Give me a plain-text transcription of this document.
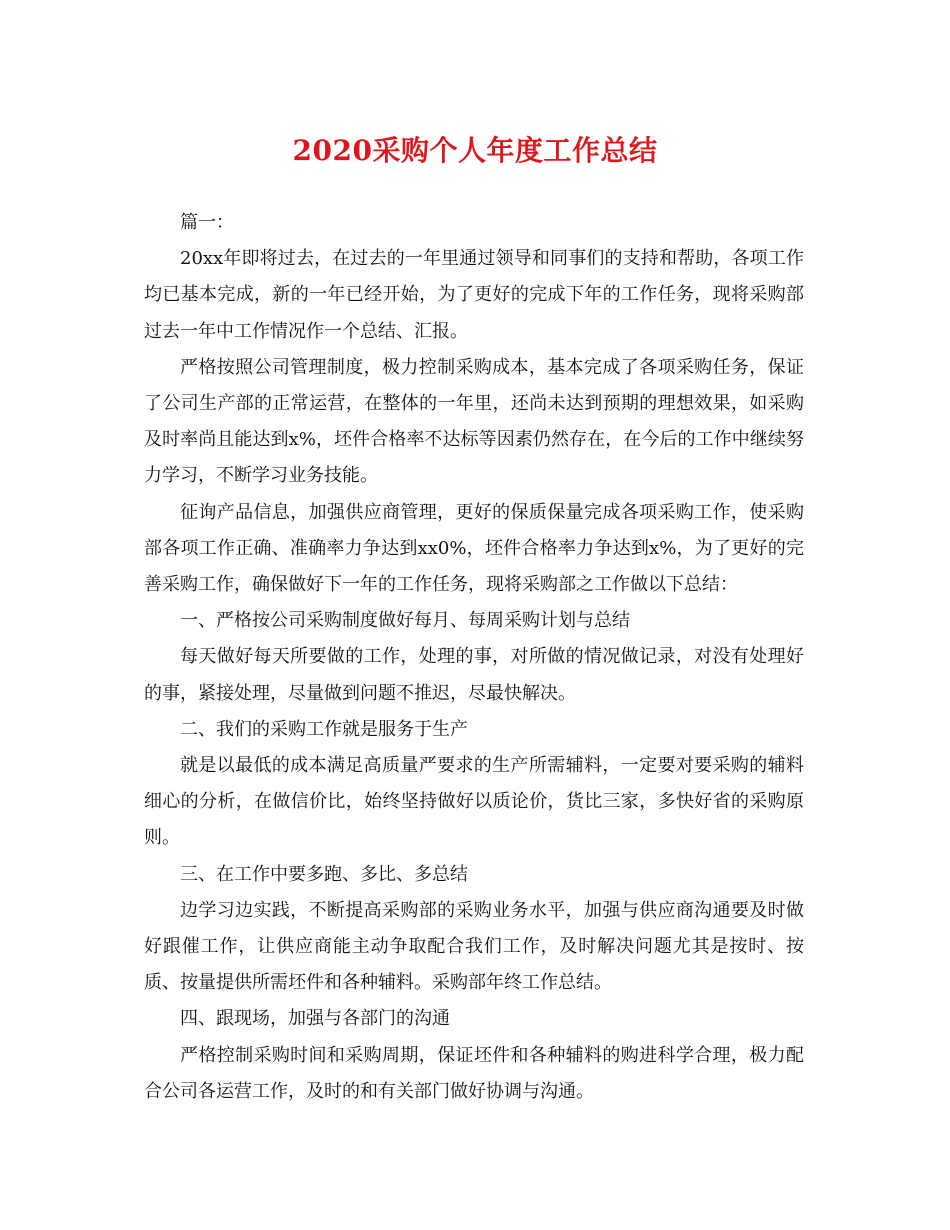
2020采购个人年度工作总结

篇一：

20xx年即将过去，在过去的一年里通过领导和同事们的支持和帮助，各项工作均已基本完成，新的一年已经开始，为了更好的完成下年的工作任务，现将采购部过去一年中工作情况作一个总结、汇报。

严格按照公司管理制度，极力控制采购成本，基本完成了各项采购任务，保证了公司生产部的正常运营，在整体的一年里，还尚未达到预期的理想效果，如采购及时率尚且能达到x%，坯件合格率不达标等因素仍然存在，在今后的工作中继续努力学习，不断学习业务技能。

征询产品信息，加强供应商管理，更好的保质保量完成各项采购工作，使采购部各项工作正确、准确率力争达到xx0%，坯件合格率力争达到x%，为了更好的完善采购工作，确保做好下一年的工作任务，现将采购部之工作做以下总结：

一、严格按公司采购制度做好每月、每周采购计划与总结

每天做好每天所要做的工作，处理的事，对所做的情况做记录，对没有处理好的事，紧接处理，尽量做到问题不推迟，尽最快解决。

二、我们的采购工作就是服务于生产

就是以最低的成本满足高质量严要求的生产所需辅料，一定要对要采购的辅料细心的分析，在做信价比，始终坚持做好以质论价，货比三家，多快好省的采购原则。

三、在工作中要多跑、多比、多总结

边学习边实践，不断提高采购部的采购业务水平，加强与供应商沟通要及时做好跟催工作，让供应商能主动争取配合我们工作，及时解决问题尤其是按时、按质、按量提供所需坯件和各种辅料。采购部年终工作总结。

四、跟现场，加强与各部门的沟通

严格控制采购时间和采购周期，保证坯件和各种辅料的购进科学合理，极力配合公司各运营工作，及时的和有关部门做好协调与沟通。
